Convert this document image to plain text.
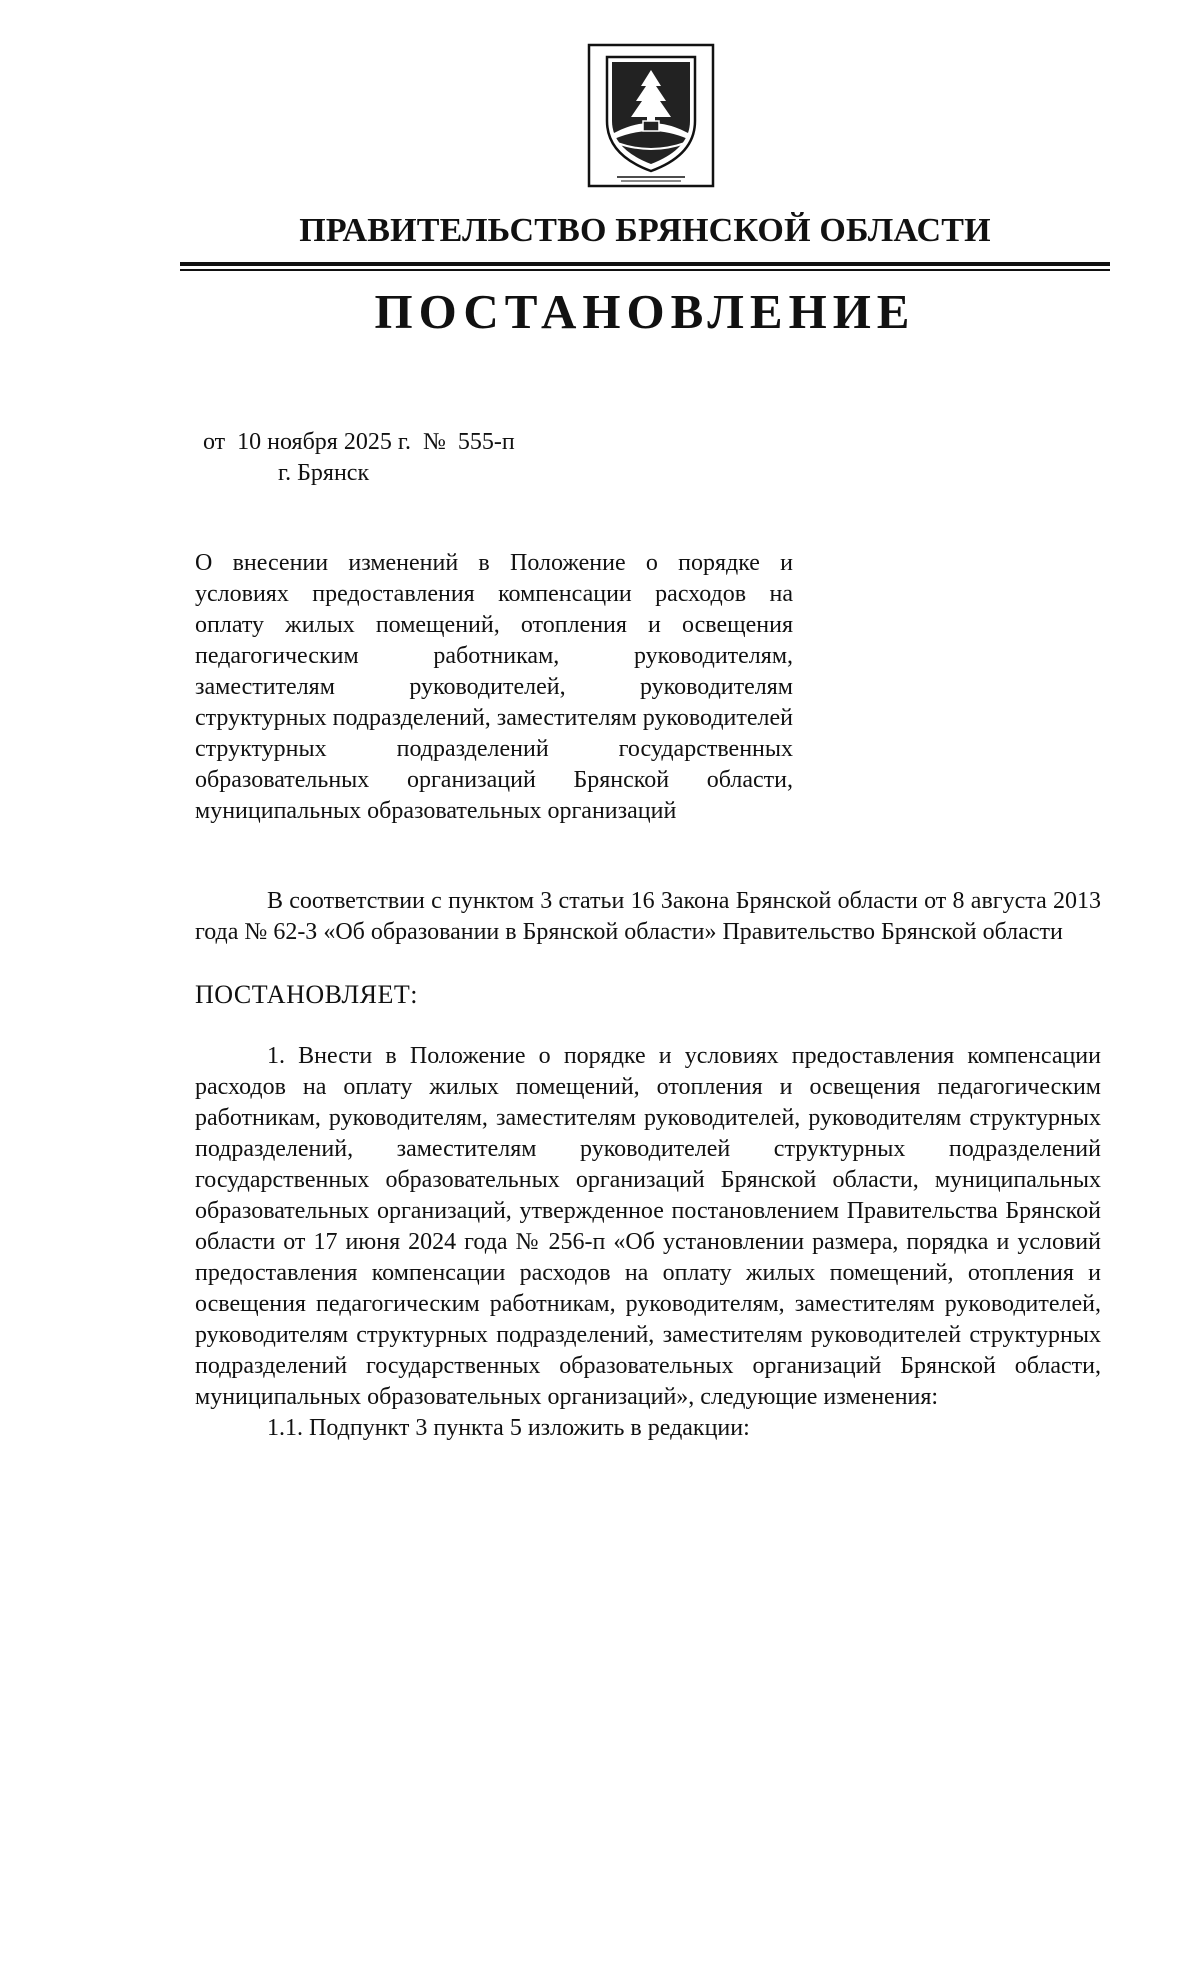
ПРАВИТЕЛЬСТВО БРЯНСКОЙ ОБЛАСТИ
ПОСТАНОВЛЕНИЕ
от  10 ноября 2025 г.  №  555-п
г. Брянск
О внесении изменений в Положение о порядке и условиях предоставления компенсации расходов на оплату жилых помещений, отопления и освещения педагогическим работникам, руководителям, заместителям руководителей, руководителям структурных подразделений, заместителям руководителей структурных подразделений государственных образовательных организаций Брянской области, муниципальных образовательных организаций

В соответствии с пунктом 3 статьи 16 Закона Брянской области от 8 августа 2013 года № 62-З «Об образовании в Брянской области» Правительство Брянской области

ПОСТАНОВЛЯЕТ:

1. Внести в Положение о порядке и условиях предоставления компенсации расходов на оплату жилых помещений, отопления и освещения педагогическим работникам, руководителям, заместителям руководителей, руководителям структурных подразделений, заместителям руководителей структурных подразделений государственных образовательных организаций Брянской области, муниципальных образовательных организаций, утвержденное постановлением Правительства Брянской области от 17 июня 2024 года № 256-п «Об установлении размера, порядка и условий предоставления компенсации расходов на оплату жилых помещений, отопления и освещения педагогическим работникам, руководителям, заместителям руководителей, руководителям структурных подразделений, заместителям руководителей структурных подразделений государственных образовательных организаций Брянской области, муниципальных образовательных организаций», следующие изменения:

1.1. Подпункт 3 пункта 5 изложить в редакции:
